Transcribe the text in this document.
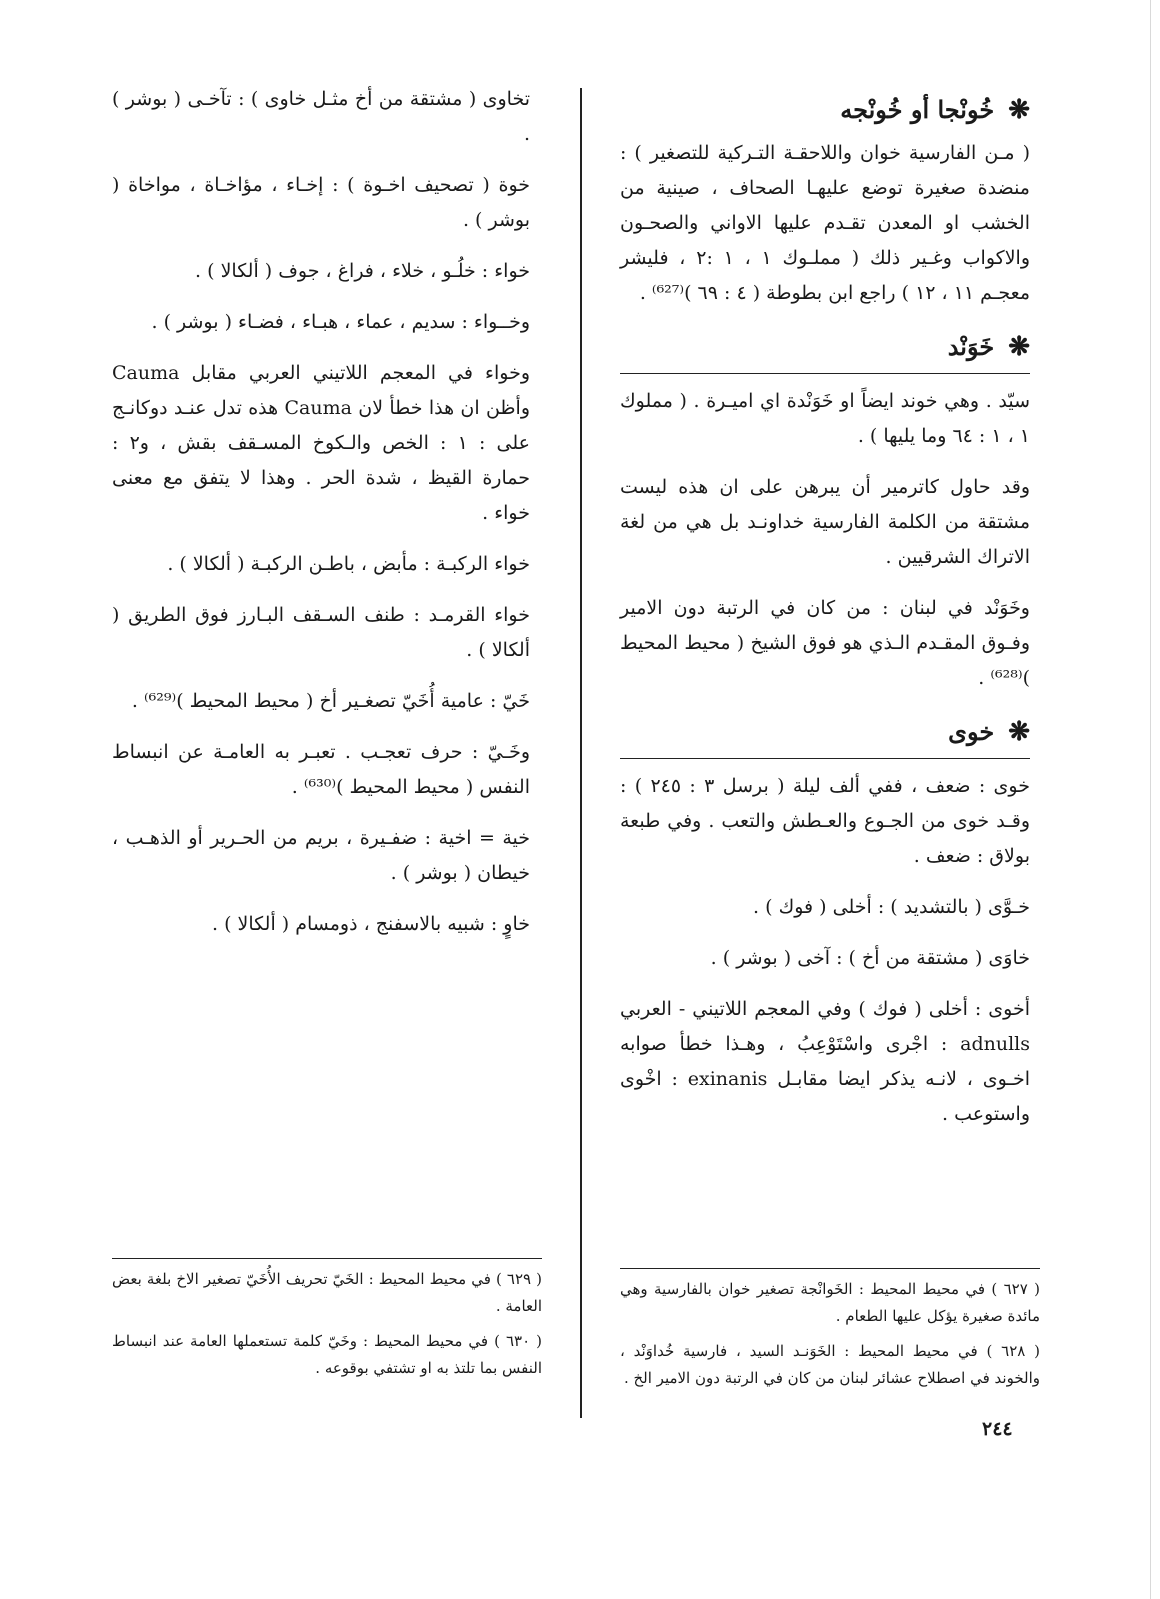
❋
خُونْجا أو خُونْجه

( مـن الفارسية خوان واللاحقـة التـركية للتصغير ) : منضدة صغيرة توضع عليهـا الصحاف ، صينية من الخشب او المعدن تقـدم عليها الاواني والصحـون والاكواب وغـير ذلك ( مملـوك ١ ، ١ :٢ ، فليشر معجـم ١١ ، ١٢ ) راجع ابن بطوطة ( ٤ : ٦٩ )⁽⁶²⁷⁾ .

❋
خَوَنْد

سيّد . وهي خوند ايضاً او خَوَنْدة اي اميـرة . ( مملوك ١ ، ١ : ٦٤ وما يليها ) .

وقد حاول كاترمير أن يبرهن على ان هذه ليست مشتقة من الكلمة الفارسية خداونـد بل هي من لغة الاتراك الشرقيين .

وخَوَنْد في لبنان : من كان في الرتبة دون الامير وفـوق المقـدم الـذي هو فوق الشيخ ( محيط المحيط )⁽⁶²⁸⁾ .

❋
خوى

خوى : ضعف ، ففي ألف ليلة ( برسل ٣ : ٢٤٥ ) : وقـد خوى من الجـوع والعـطش والتعب . وفي طبعة بولاق : ضعف .

خـوَّى ( بالتشديد ) : أخلى ( فوك ) .

خاوَى ( مشتقة من أخ ) : آخى ( بوشر ) .

أخوى : أخلى ( فوك ) وفي المعجم اللاتيني - العربي adnulls : اجْرى واسْتَوْعِبُ ، وهـذا خطأ صوابه اخـوى ، لانـه يذكر ايضا مقابـل exinanis : اخْوى واستوعب .

تخاوى ( مشتقة من أخ مثـل خاوى ) : تآخـى ( بوشر ) .

خوة ( تصحيف اخـوة ) : إخـاء ، مؤاخـاة ، مواخاة ( بوشر ) .

خواء : خلُـو ، خلاء ، فراغ ، جوف ( ألكالا ) .

وخــواء : سديم ، عماء ، هبـاء ، فضـاء ( بوشر ) .

وخواء في المعجم اللاتيني العربي مقابل Cauma وأظن ان هذا خطأ لان Cauma هذه تدل عنـد دوكانـج على : ١ : الخص والـكوخ المسـقف بقش ، و٢ : حمارة القيظ ، شدة الحر . وهذا لا يتفق مع معنى خواء .

خواء الركبـة : مأبض ، باطـن الركبـة ( ألكالا ) .

خواء القرمـد : طنف السـقف البـارز فوق الطريق ( ألكالا ) .

خَيّ : عامية أُخَيّ تصغـير أخ ( محيط المحيط )⁽⁶²⁹⁾ .

وخَـيّ : حرف تعجـب . تعبـر به العامـة عن انبساط النفس ( محيط المحيط )⁽⁶³⁰⁾ .

خية = اخية : ضفـيرة ، بريم من الحـرير أو الذهـب ، خيطان ( بوشر ) .

خاوٍ : شبيه بالاسفنج ، ذومسام ( ألكالا ) .

( ٦٢٧ ) في محيط المحيط : الخَوانْجة تصغير خوان بالفارسية وهي مائدة صغيرة يؤكل عليها الطعام .

( ٦٢٨ ) في محيط المحيط : الخَوَنـد السيد ، فارسية خُداوَنْد ، والخوند في اصطلاح عشائر لبنان من كان في الرتبة دون الامير الخ .

( ٦٢٩ ) في محيط المحيط : الخَيّ تحريف الأُخَيّ تصغير الاخ بلغة بعض العامة .

( ٦٣٠ ) في محيط المحيط : وخَيّ كلمة تستعملها العامة عند انبساط النفس بما تلتذ به او تشتفي بوقوعه .

٢٤٤
